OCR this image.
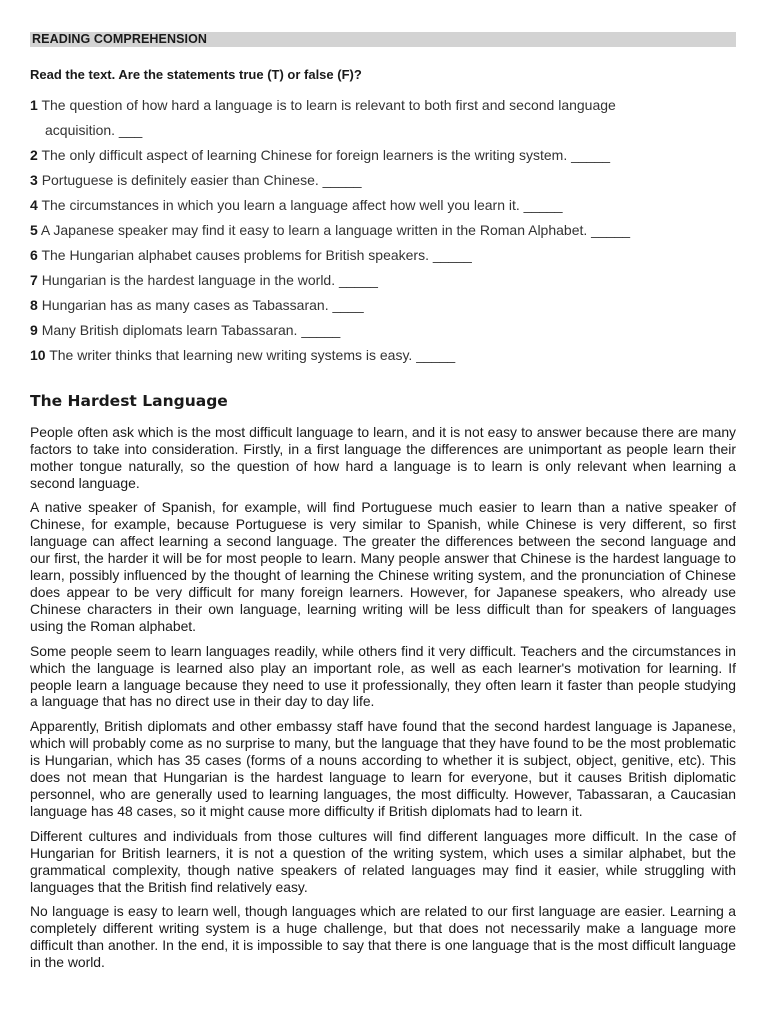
READING COMPREHENSION
Read the text. Are the statements true (T) or false (F)?
1 The question of how hard a language is to learn is relevant to both first and second language
acquisition. ___
2 The only difficult aspect of learning Chinese for foreign learners is the writing system. _____
3 Portuguese is definitely easier than Chinese. _____
4 The circumstances in which you learn a language affect how well you learn it. _____
5 A Japanese speaker may find it easy to learn a language written in the Roman Alphabet. _____
6 The Hungarian alphabet causes problems for British speakers. _____
7 Hungarian is the hardest language in the world. _____
8 Hungarian has as many cases as Tabassaran. ____
9 Many British diplomats learn Tabassaran. _____
10 The writer thinks that learning new writing systems is easy. _____
The Hardest Language

People often ask which is the most difficult language to learn, and it is not easy to answer because there are many factors to take into consideration. Firstly, in a first language the differences are unimportant as people learn their mother tongue naturally, so the question of how hard a language is to learn is only relevant when learning a second language.

A native speaker of Spanish, for example, will find Portuguese much easier to learn than a native speaker of Chinese, for example, because Portuguese is very similar to Spanish, while Chinese is very different, so first language can affect learning a second language. The greater the differences between the second language and our first, the harder it will be for most people to learn. Many people answer that Chinese is the hardest language to learn, possibly influenced by the thought of learning the Chinese writing system, and the pronunciation of Chinese does appear to be very difficult for many foreign learners. However, for Japanese speakers, who already use Chinese characters in their own language, learning writing will be less difficult than for speakers of languages using the Roman alphabet.

Some people seem to learn languages readily, while others find it very difficult. Teachers and the circumstances in which the language is learned also play an important role, as well as each learner's motivation for learning. If people learn a language because they need to use it professionally, they often learn it faster than people studying a language that has no direct use in their day to day life.

Apparently, British diplomats and other embassy staff have found that the second hardest language is Japanese, which will probably come as no surprise to many, but the language that they have found to be the most problematic is Hungarian, which has 35 cases (forms of a nouns according to whether it is subject, object, genitive, etc). This does not mean that Hungarian is the hardest language to learn for everyone, but it causes British diplomatic personnel, who are generally used to learning languages, the most difficulty. However, Tabassaran, a Caucasian language has 48 cases, so it might cause more difficulty if British diplomats had to learn it.

Different cultures and individuals from those cultures will find different languages more difficult. In the case of Hungarian for British learners, it is not a question of the writing system, which uses a similar alphabet, but the grammatical complexity, though native speakers of related languages may find it easier, while struggling with languages that the British find relatively easy.

No language is easy to learn well, though languages which are related to our first language are easier. Learning a completely different writing system is a huge challenge, but that does not necessarily make a language more difficult than another. In the end, it is impossible to say that there is one language that is the most difficult language in the world.
